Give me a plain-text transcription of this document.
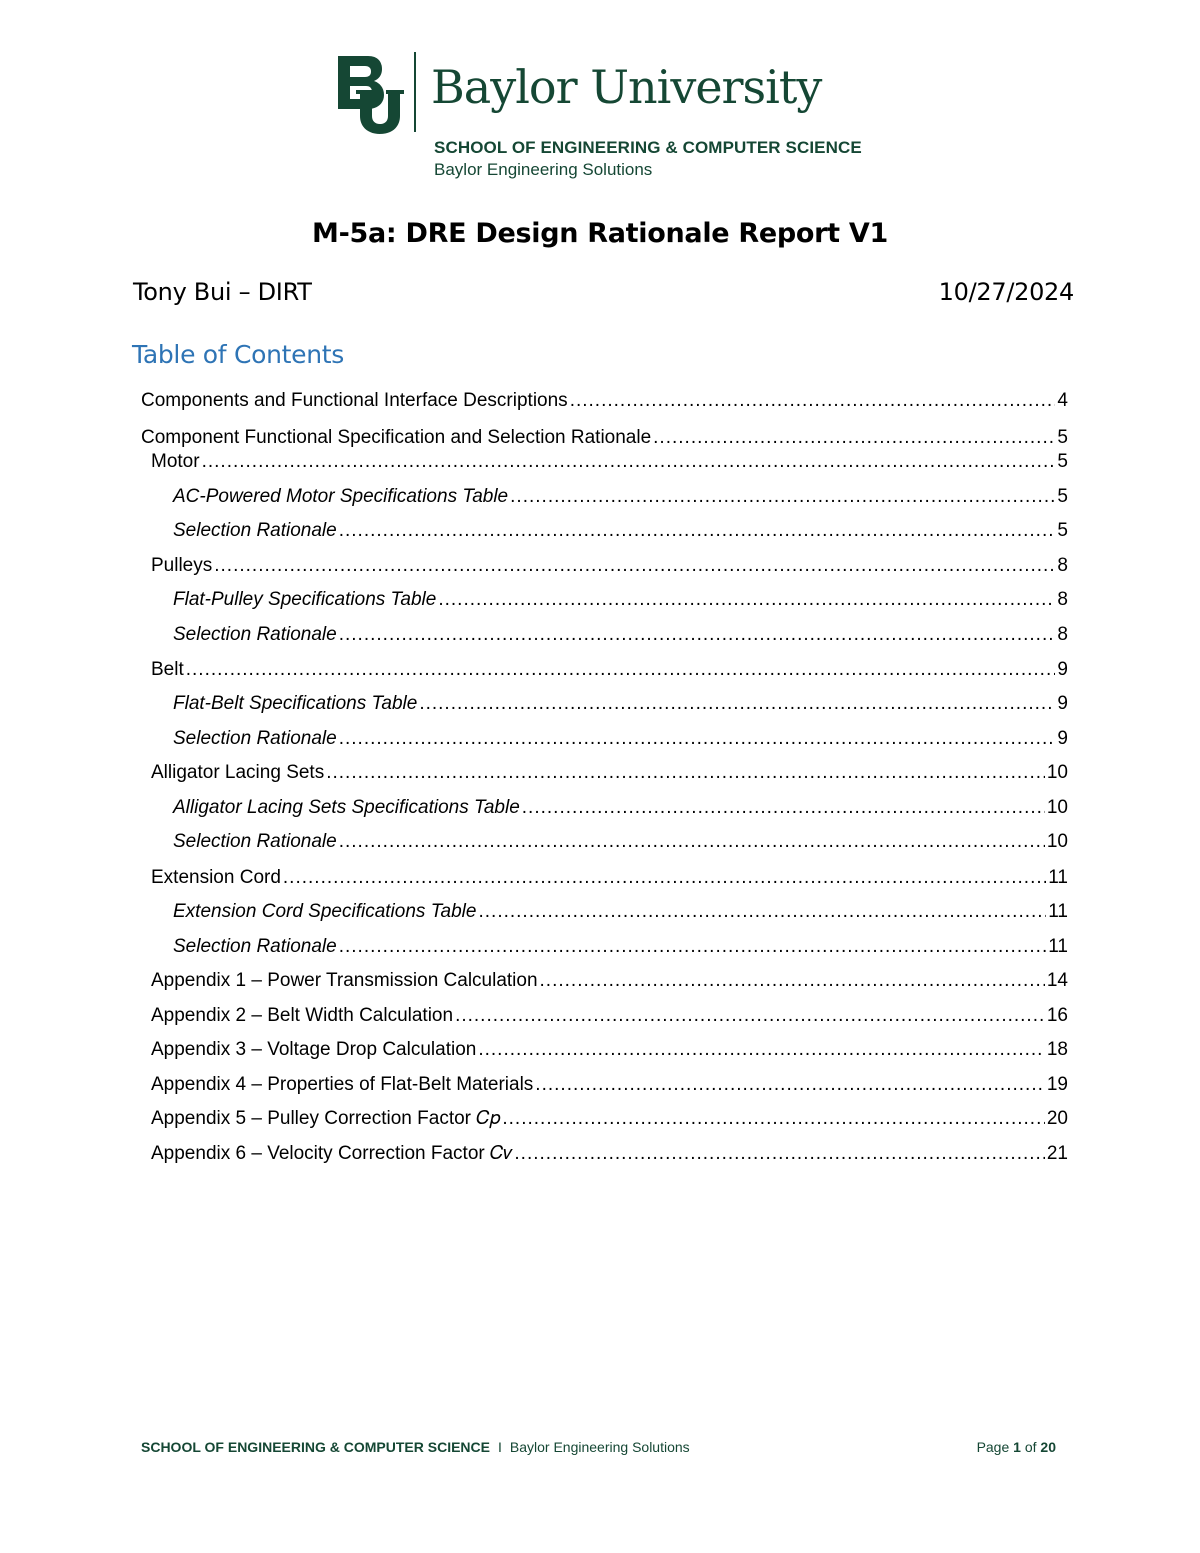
Baylor University
SCHOOL OF ENGINEERING & COMPUTER SCIENCE
Baylor Engineering Solutions
M-5a: DRE Design Rationale Report V1
Tony Bui – DIRT	10/27/2024
Table of Contents
Components and Functional Interface Descriptions .....	4
Component Functional Specification and Selection Rationale .....	5
Motor .....	5
AC-Powered Motor Specifications Table .....	5
Selection Rationale .....	5
Pulleys .....	8
Flat-Pulley Specifications Table .....	8
Selection Rationale .....	8
Belt .....	9
Flat-Belt Specifications Table .....	9
Selection Rationale .....	9
Alligator Lacing Sets .....	10
Alligator Lacing Sets Specifications Table .....	10
Selection Rationale .....	10
Extension Cord .....	11
Extension Cord Specifications Table .....	11
Selection Rationale .....	11
Appendix 1 – Power Transmission Calculation .....	14
Appendix 2 – Belt Width Calculation .....	16
Appendix 3 – Voltage Drop Calculation .....	18
Appendix 4 – Properties of Flat-Belt Materials .....	19
Appendix 5 – Pulley Correction Factor 𝐶𝑝 .....	20
Appendix 6 – Velocity Correction Factor 𝐶𝑣 .....	21
SCHOOL OF ENGINEERING & COMPUTER SCIENCE I Baylor Engineering Solutions	Page 1 of 20
